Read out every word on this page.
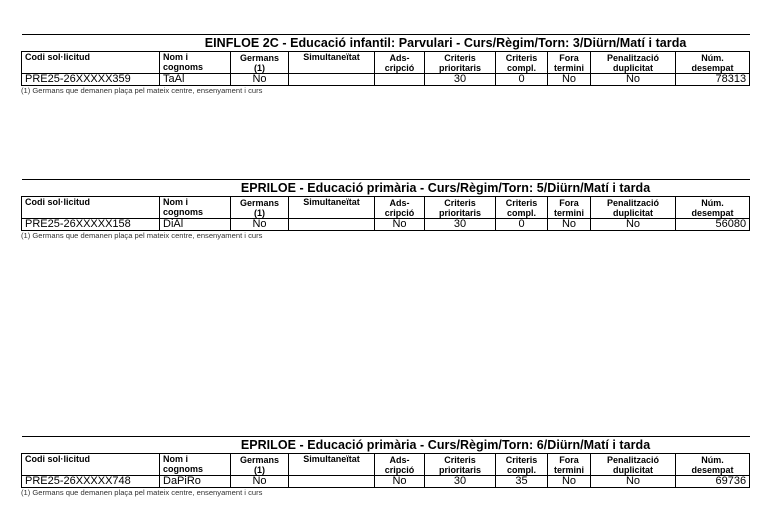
EINFLOE 2C - Educació infantil: Parvulari - Curs/Règim/Torn: 3/Diürn/Matí i tarda									
Codi sol·licitud	Nom i
cognoms	Germans
(1)	Simultaneïtat	Ads-
cripció	Criteris
prioritaris	Criteris
compl.	Fora
termini	Penalització
duplicitat	Núm.
desempat
PRE25-26XXXXX359	TaAl	No			30	0	No	No	78313
(1) Germans que demanen plaça pel mateix centre, ensenyament i curs
EPRILOE - Educació primària - Curs/Règim/Torn: 5/Diürn/Matí i tarda									
Codi sol·licitud	Nom i
cognoms	Germans
(1)	Simultaneïtat	Ads-
cripció	Criteris
prioritaris	Criteris
compl.	Fora
termini	Penalització
duplicitat	Núm.
desempat
PRE25-26XXXXX158	DiAl	No		No	30	0	No	No	56080
(1) Germans que demanen plaça pel mateix centre, ensenyament i curs
EPRILOE - Educació primària - Curs/Règim/Torn: 6/Diürn/Matí i tarda									
Codi sol·licitud	Nom i
cognoms	Germans
(1)	Simultaneïtat	Ads-
cripció	Criteris
prioritaris	Criteris
compl.	Fora
termini	Penalització
duplicitat	Núm.
desempat
PRE25-26XXXXX748	DaPiRo	No		No	30	35	No	No	69736
(1) Germans que demanen plaça pel mateix centre, ensenyament i curs
